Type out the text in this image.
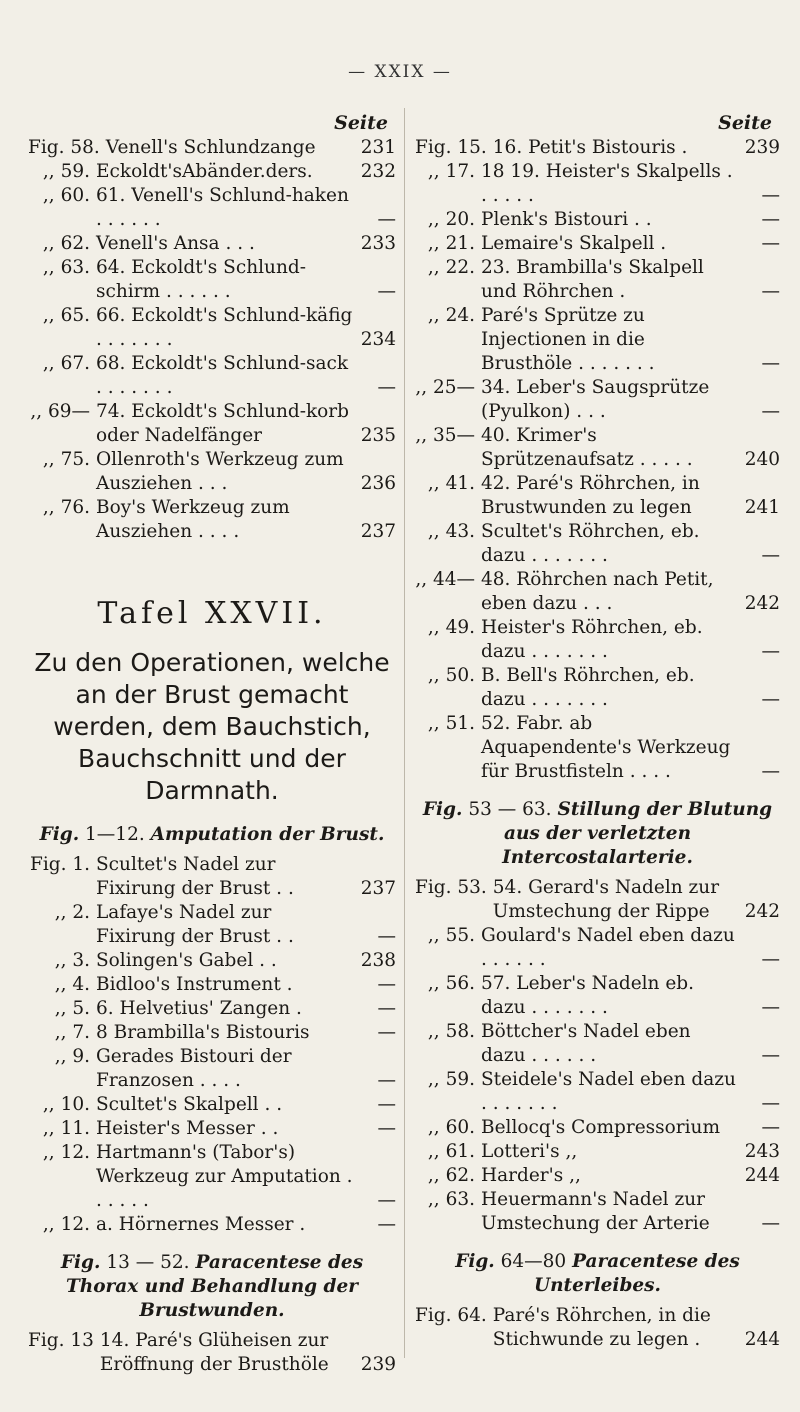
— XXIX —
Seite
Fig. 58. Venell's Schlundzange	231
,, 59. Eckoldt'sAbänder.ders.	232
,, 60. 61. Venell's Schlund-haken . . . . . .	—
,, 62. Venell's Ansa . . .	233
,, 63. 64. Eckoldt's Schlund-schirm . . . . . .	—
,, 65. 66. Eckoldt's Schlund-käfig . . . . . . .	234
,, 67. 68. Eckoldt's Schlund-sack . . . . . . .	—
,, 69— 74. Eckoldt's Schlund-korb oder Nadelfänger	235
,, 75. Ollenroth's Werkzeug zum Ausziehen . . .	236
,, 76. Boy's Werkzeug zum Ausziehen . . . .	237
Tafel XXVII.
Zu den Operationen, welche an der Brust gemacht werden, dem Bauchstich, Bauchschnitt und der Darmnath.
Fig. 1—12. Amputation der Brust.
Fig. 1. Scultet's Nadel zur Fixirung der Brust . .	237
,, 2. Lafaye's Nadel zur Fixirung der Brust . .	—
,, 3. Solingen's Gabel . .	238
,, 4. Bidloo's Instrument .	—
,, 5. 6. Helvetius' Zangen .	—
,, 7. 8 Brambilla's Bistouris	—
,, 9. Gerades Bistouri der Franzosen . . . .	—
,, 10. Scultet's Skalpell . .	—
,, 11. Heister's Messer . .	—
,, 12. Hartmann's (Tabor's) Werkzeug zur Amputation . . . . . .	—
,, 12. a. Hörnernes Messer .	—
Fig. 13 — 52. Paracentese des Thorax und Behandlung der Brustwunden.
Fig. 13 14. Paré's Glüheisen zur Eröffnung der Brusthöle	239
Seite
Fig. 15. 16. Petit's Bistouris .	239
,, 17. 18 19. Heister's Skalpells . . . . . .	—
,, 20. Plenk's Bistouri . .	—
,, 21. Lemaire's Skalpell .	—
,, 22. 23. Brambilla's Skalpell und Röhrchen .	—
,, 24. Paré's Sprütze zu Injectionen in die Brusthöle . . . . . . .	—
,, 25— 34. Leber's Saugsprütze (Pyulkon) . . .	—
,, 35— 40. Krimer's Sprützenaufsatz . . . . .	240
,, 41. 42. Paré's Röhrchen, in Brustwunden zu legen	241
,, 43. Scultet's Röhrchen, eb. dazu . . . . . . .	—
,, 44— 48. Röhrchen nach Petit, eben dazu . . .	242
,, 49. Heister's Röhrchen, eb. dazu . . . . . . .	—
,, 50. B. Bell's Röhrchen, eb. dazu . . . . . . .	—
,, 51. 52. Fabr. ab Aquapendente's Werkzeug für Brustfisteln . . . .	—
Fig. 53 — 63. Stillung der Blutung aus der verletzten Intercostalarterie.
Fig. 53. 54. Gerard's Nadeln zur Umstechung der Rippe	242
,, 55. Goulard's Nadel eben dazu . . . . . .	—
,, 56. 57. Leber's Nadeln eb. dazu . . . . . . .	—
,, 58. Böttcher's Nadel eben dazu . . . . . .	—
,, 59. Steidele's Nadel eben dazu . . . . . . .	—
,, 60. Bellocq's Compressorium	—
,, 61. Lotteri's ,,	243
,, 62. Harder's ,,	244
,, 63. Heuermann's Nadel zur Umstechung der Arterie	—
Fig. 64—80 Paracentese des Unterleibes.
Fig. 64. Paré's Röhrchen, in die Stichwunde zu legen .	244
